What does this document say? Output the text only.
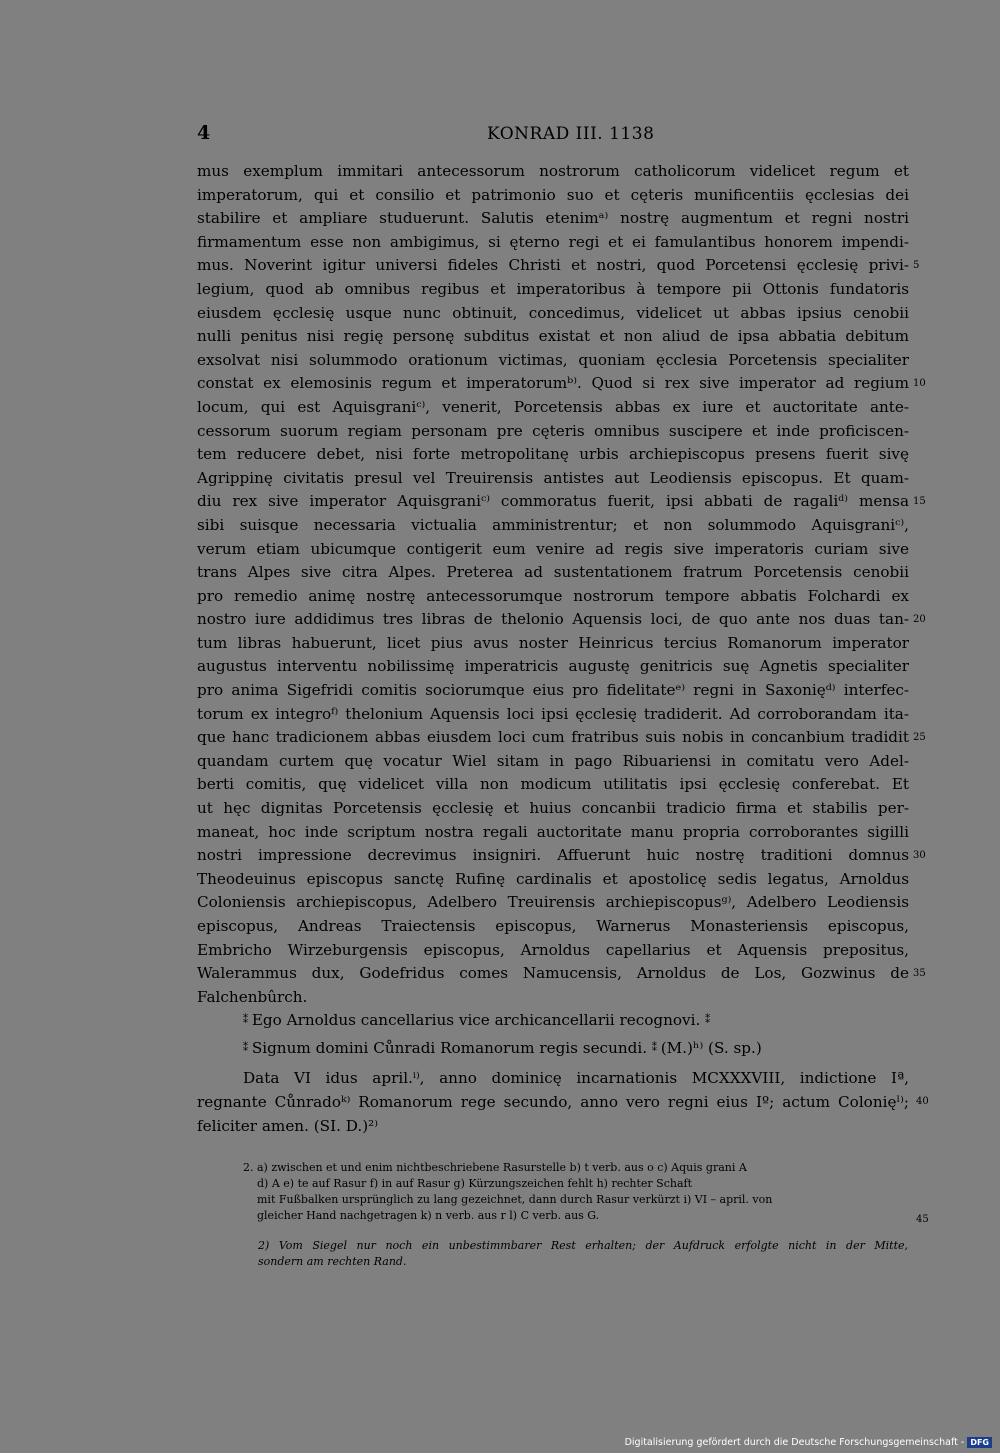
4	KONRAD III. 1138
mus exemplum immitari antecessorum nostrorum catholicorum videlicet regum et
imperatorum, qui et consilio et patrimonio suo et cęteris munificentiis ęcclesias dei
stabilire et ampliare studuerunt. Salutis etenimᵃ⁾ nostrę augmentum et regni nostri
firmamentum esse non ambigimus, si ęterno regi et ei famulantibus honorem impendi-
mus. Noverint igitur universi fideles Christi et nostri, quod Porcetensi ęcclesię privi-
legium, quod ab omnibus regibus et imperatoribus à tempore pii Ottonis fundatoris
eiusdem ęcclesię usque nunc obtinuit, concedimus, videlicet ut abbas ipsius cenobii
nulli penitus nisi regię personę subditus existat et non aliud de ipsa abbatia debitum
exsolvat nisi solummodo orationum victimas, quoniam ęcclesia Porcetensis specialiter
constat ex elemosinis regum et imperatorumᵇ⁾. Quod si rex sive imperator ad regium
locum, qui est Aquisgraniᶜ⁾, venerit, Porcetensis abbas ex iure et auctoritate ante-
cessorum suorum regiam personam pre cęteris omnibus suscipere et inde proficiscen-
tem reducere debet, nisi forte metropolitanę urbis archiepiscopus presens fuerit sivę
Agrippinę civitatis presul vel Treuirensis antistes aut Leodiensis episcopus. Et quam-
diu rex sive imperator Aquisgraniᶜ⁾ commoratus fuerit, ipsi abbati de ragaliᵈ⁾ mensa
sibi suisque necessaria victualia amministrentur; et non solummodo Aquisgraniᶜ⁾,
verum etiam ubicumque contigerit eum venire ad regis sive imperatoris curiam sive
trans Alpes sive citra Alpes. Preterea ad sustentationem fratrum Porcetensis cenobii
pro remedio animę nostrę antecessorumque nostrorum tempore abbatis Folchardi ex
nostro iure addidimus tres libras de thelonio Aquensis loci, de quo ante nos duas tan-
tum libras habuerunt, licet pius avus noster Heinricus tercius Romanorum imperator
augustus interventu nobilissimę imperatricis augustę genitricis suę Agnetis specialiter
pro anima Sigefridi comitis sociorumque eius pro fidelitateᵉ⁾ regni in Saxonięᵈ⁾ interfec-
torum ex integroᶠ⁾ thelonium Aquensis loci ipsi ęcclesię tradiderit. Ad corroborandam ita-
que hanc tradicionem abbas eiusdem loci cum fratribus suis nobis in concanbium tradidit
quandam curtem quę vocatur Wiel sitam in pago Ribuariensi in comitatu vero Adel-
berti comitis, quę videlicet villa non modicum utilitatis ipsi ęcclesię conferebat. Et
ut hęc dignitas Porcetensis ęcclesię et huius concanbii tradicio firma et stabilis per-
maneat, hoc inde scriptum nostra regali auctoritate manu propria corroborantes sigilli
nostri impressione decrevimus insigniri. Affuerunt huic nostrę traditioni domnus
Theodeuinus episcopus sanctę Rufinę cardinalis et apostolicę sedis legatus, Arnoldus
Coloniensis archiepiscopus, Adelbero Treuirensis archiepiscopusᵍ⁾, Adelbero Leodiensis
episcopus, Andreas Traiectensis episcopus, Warnerus Monasteriensis episcopus,
Embricho Wirzeburgensis episcopus, Arnoldus capellarius et Aquensis prepositus,
Walerammus dux, Godefridus comes Namucensis, Arnoldus de Los, Gozwinus de
Falchenbûrch.
5
10
15
20
25
30
35
⁑ Ego Arnoldus cancellarius vice archicancellarii recognovi. ⁑
⁑ Signum domini Cůnradi Romanorum regis secundi. ⁑ (M.)ʰ⁾ (S. sp.)
Data VI idus april.ⁱ⁾, anno dominicę incarnationis MCXXXVIII, indictione Iª,
regnante Cůnradoᵏ⁾ Romanorum rege secundo, anno vero regni eius Iº; actum Colonięˡ⁾;
feliciter amen. (SI. D.)²⁾
40
2. a) zwischen et und enim nichtbeschriebene Rasurstelle b) t verb. aus o c) Aquis grani A
d) A e) te auf Rasur f) in auf Rasur g) Kürzungszeichen fehlt h) rechter Schaft
mit Fußbalken ursprünglich zu lang gezeichnet, dann durch Rasur verkürzt i) VI – april. von
gleicher Hand nachgetragen k) n verb. aus r l) C verb. aus G.	45
2) Vom Siegel nur noch ein unbestimmbarer Rest erhalten; der Aufdruck erfolgte nicht in der Mitte,
sondern am rechten Rand.
Digitalisierung gefördert durch die Deutsche Forschungsgemeinschaft - DFG
